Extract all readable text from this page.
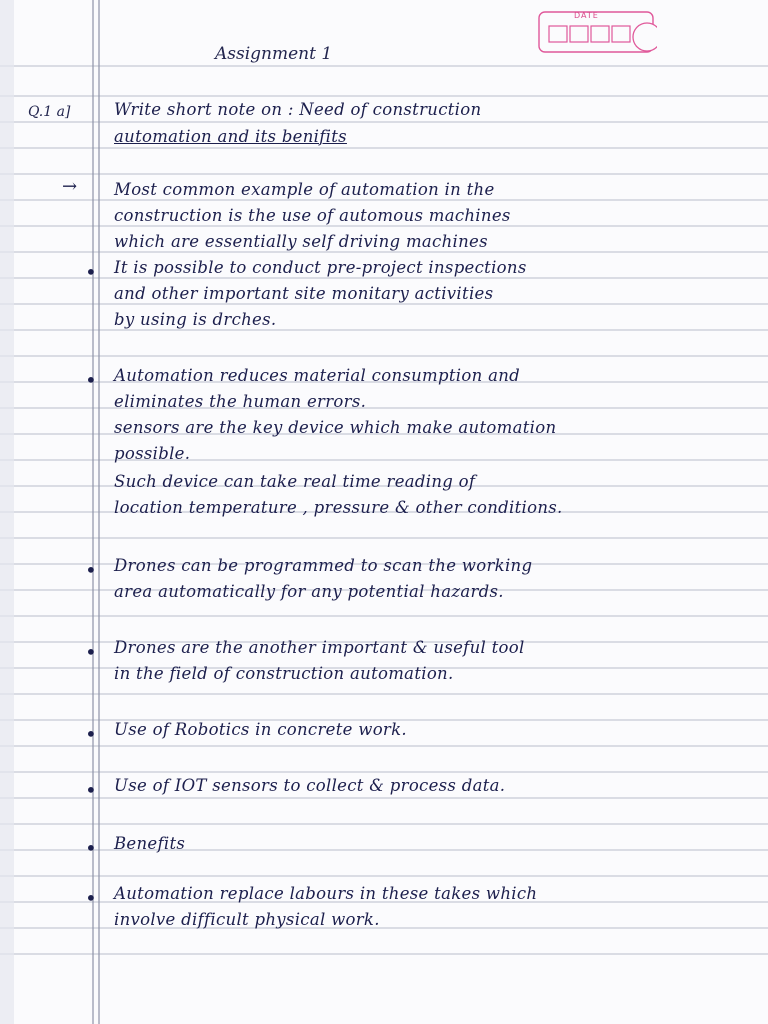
DATE
Assignment 1
Q.1 a]	Write short note on : Need of construction
automation and its benifits
→ Most common example of automation in the
construction is the use of automous machines
which are essentially self driving machines
• It is possible to conduct pre-project inspections
and other important site monitary activities
by using is drches.
• Automation reduces material consumption and
eliminates the human errors.
sensors are the key device which make automation
possible.
Such device can take real time reading of
location temperature , pressure & other conditions.
• Drones can be programmed to scan the working
area automatically for any potential hazards.
• Drones are the another important & useful tool
in the field of construction automation.
• Use of Robotics in concrete work.
• Use of IOT sensors to collect & process data.
• Benefits
• Automation replace labours in these takes which
involve difficult physical work.
